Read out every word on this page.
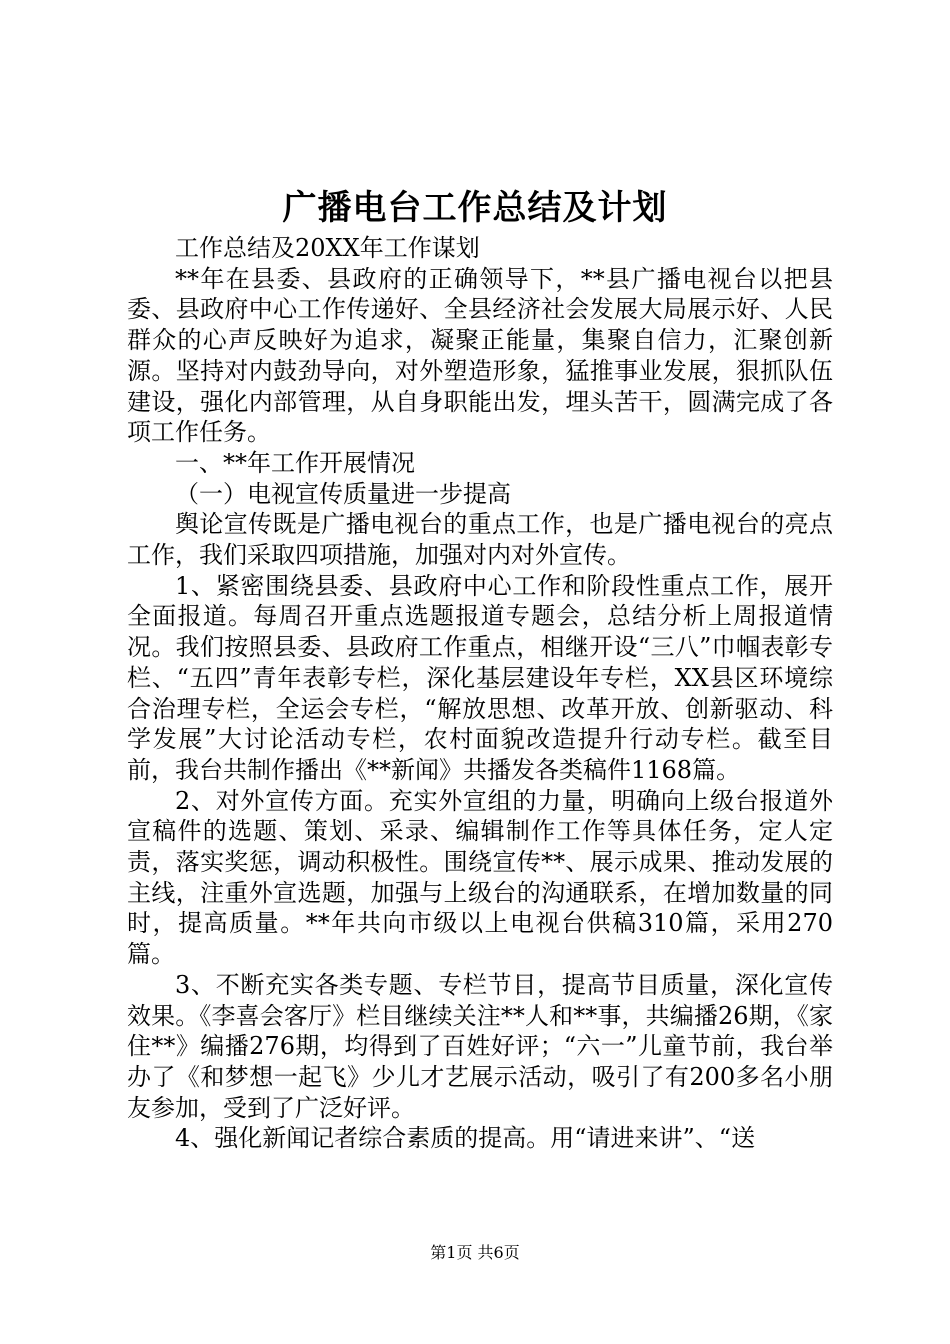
广播电台工作总结及计划

工作总结及20XX年工作谋划

**年在县委、县政府的正确领导下，**县广播电视台以把县委、县政府中心工作传递好、全县经济社会发展大局展示好、人民群众的心声反映好为追求，凝聚正能量，集聚自信力，汇聚创新源。坚持对内鼓劲导向，对外塑造形象，猛推事业发展，狠抓队伍建设，强化内部管理，从自身职能出发，埋头苦干，圆满完成了各项工作任务。

一、**年工作开展情况

（一）电视宣传质量进一步提高

舆论宣传既是广播电视台的重点工作，也是广播电视台的亮点工作，我们采取四项措施，加强对内对外宣传。

1、紧密围绕县委、县政府中心工作和阶段性重点工作，展开全面报道。每周召开重点选题报道专题会，总结分析上周报道情况。我们按照县委、县政府工作重点，相继开设“三八”巾帼表彰专栏、“五四”青年表彰专栏，深化基层建设年专栏，XX县区环境综合治理专栏，全运会专栏，“解放思想、改革开放、创新驱动、科学发展”大讨论活动专栏，农村面貌改造提升行动专栏。截至目前，我台共制作播出《**新闻》共播发各类稿件1168篇。

2、对外宣传方面。充实外宣组的力量，明确向上级台报道外宣稿件的选题、策划、采录、编辑制作工作等具体任务，定人定责，落实奖惩，调动积极性。围绕宣传**、展示成果、推动发展的主线，注重外宣选题，加强与上级台的沟通联系，在增加数量的同时，提高质量。**年共向市级以上电视台供稿310篇，采用270篇。

3、不断充实各类专题、专栏节目，提高节目质量，深化宣传效果。《李喜会客厅》栏目继续关注**人和**事，共编播26期，《家住**》编播276期，均得到了百姓好评；“六一”儿童节前，我台举办了《和梦想一起飞》少儿才艺展示活动，吸引了有200多名小朋友参加，受到了广泛好评。

4、强化新闻记者综合素质的提高。用“请进来讲”、“送

第1页 共6页
